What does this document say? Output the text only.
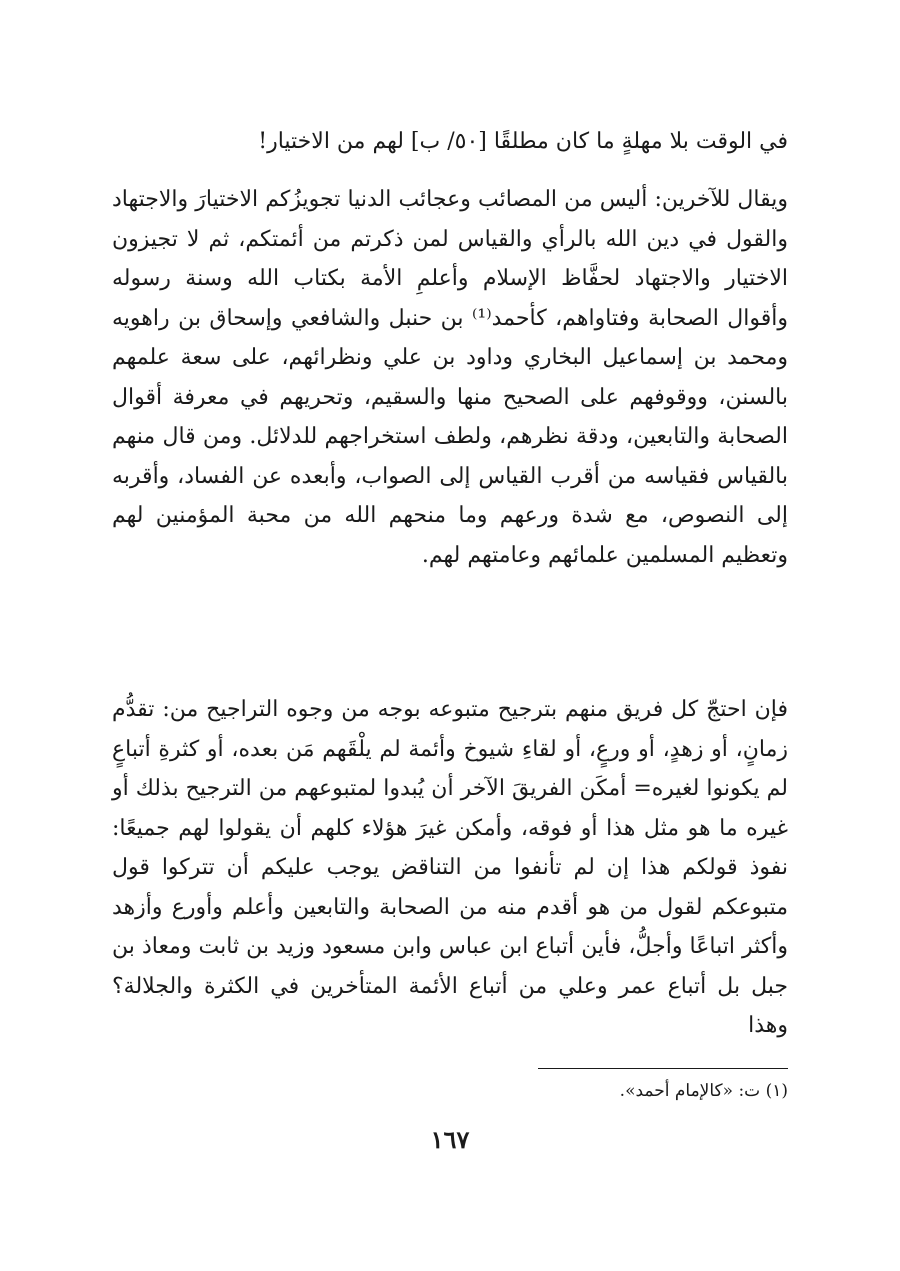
في الوقت بلا مهلةٍ ما كان مطلقًا [٥٠/ ب] لهم من الاختيار!
ويقال للآخرين: أليس من المصائب وعجائب الدنيا تجويزُكم الاختيارَ والاجتهاد والقول في دين الله بالرأي والقياس لمن ذكرتم من أئمتكم، ثم لا تجيزون الاختيار والاجتهاد لحفَّاظ الإسلام وأعلمِ الأمة بكتاب الله وسنة رسوله وأقوال الصحابة وفتاواهم، كأحمد⁽¹⁾ بن حنبل والشافعي وإسحاق بن راهويه ومحمد بن إسماعيل البخاري وداود بن علي ونظرائهم، على سعة علمهم بالسنن، ووقوفهم على الصحيح منها والسقيم، وتحريهم في معرفة أقوال الصحابة والتابعين، ودقة نظرهم، ولطف استخراجهم للدلائل. ومن قال منهم بالقياس فقياسه من أقرب القياس إلى الصواب، وأبعده عن الفساد، وأقربه إلى النصوص، مع شدة ورعهم وما منحهم الله من محبة المؤمنين لهم وتعظيم المسلمين علمائهم وعامتهم لهم.
فإن احتجّ كل فريق منهم بترجيح متبوعه بوجه من وجوه التراجيح من: تقدُّم زمانٍ، أو زهدٍ، أو ورعٍ، أو لقاءِ شيوخ وأئمة لم يلْقَهم مَن بعده، أو كثرةِ أتباعٍ لم يكونوا لغيره= أمكَن الفريقَ الآخر أن يُبدوا لمتبوعهم من الترجيح بذلك أو غيره ما هو مثل هذا أو فوقه، وأمكن غيرَ هؤلاء كلهم أن يقولوا لهم جميعًا: نفوذ قولكم هذا إن لم تأنفوا من التناقض يوجب عليكم أن تتركوا قول متبوعكم لقول من هو أقدم منه من الصحابة والتابعين وأعلم وأورع وأزهد وأكثر اتباعًا وأجلُّ، فأين أتباع ابن عباس وابن مسعود وزيد بن ثابت ومعاذ بن جبل بل أتباع عمر وعلي من أتباع الأئمة المتأخرين في الكثرة والجلالة؟ وهذا
(١) ت: «كالإمام أحمد».
١٦٧
